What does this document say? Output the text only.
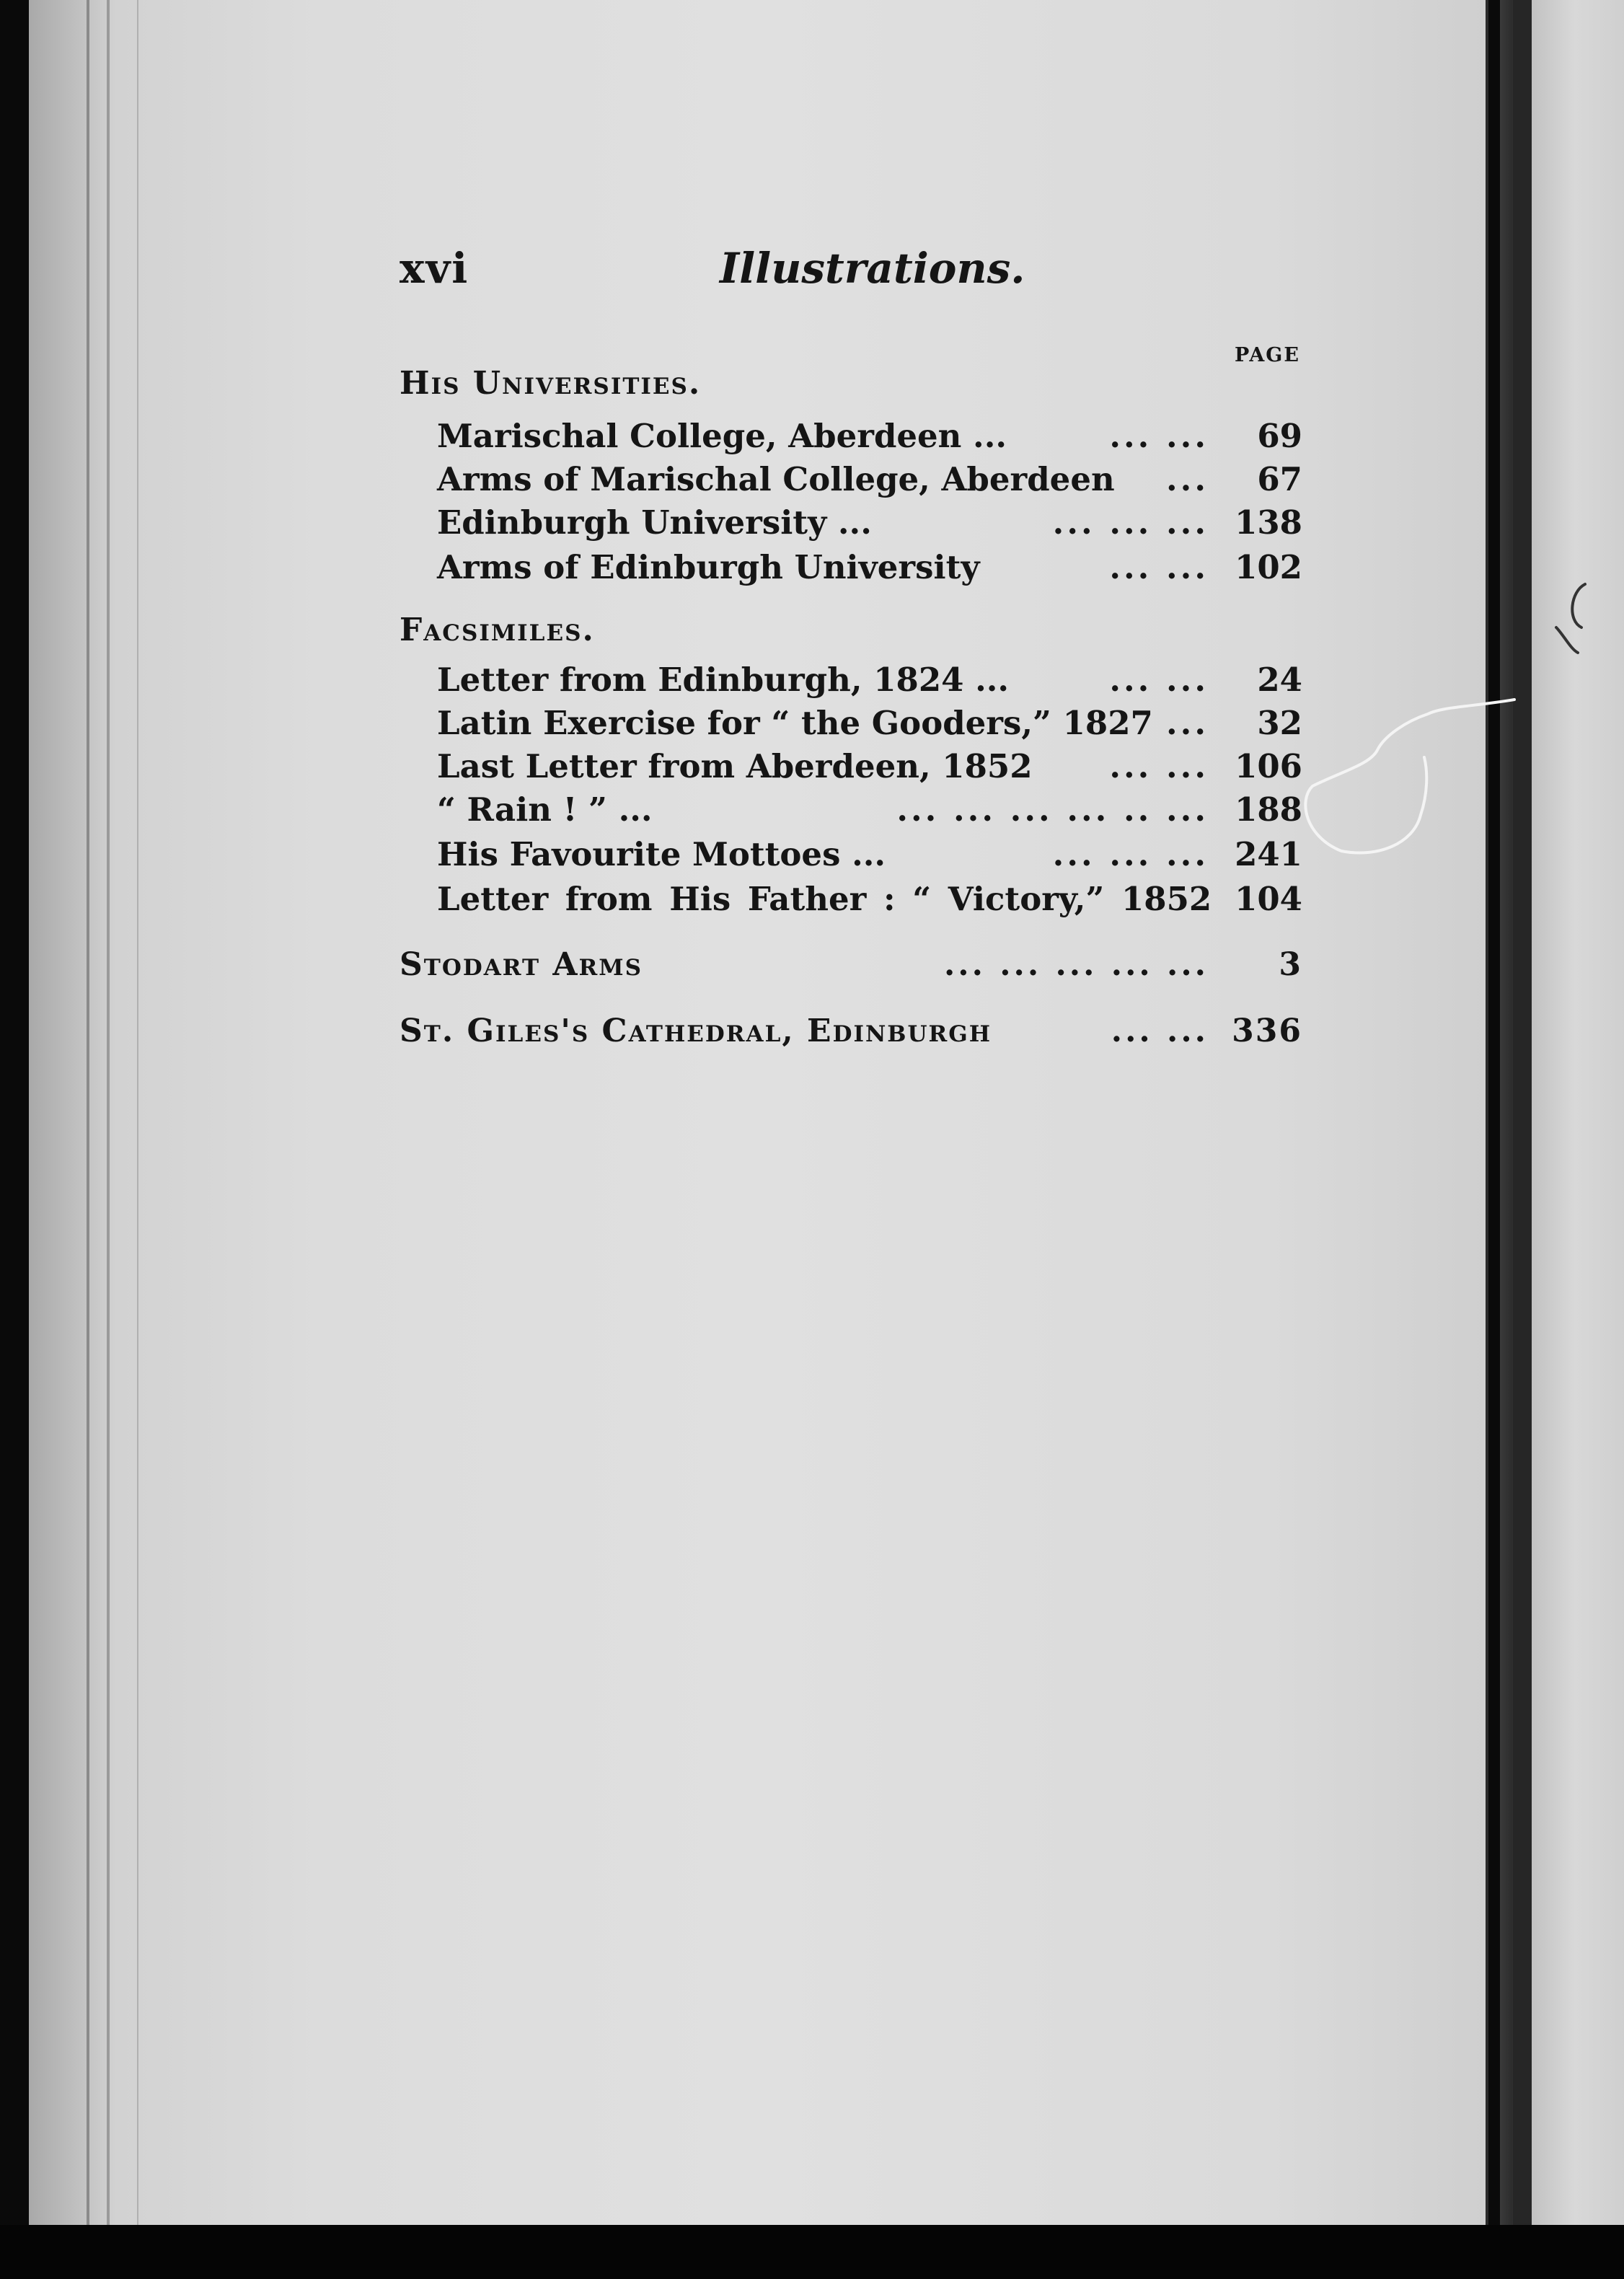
xvi	Illustrations.
PAGE
His Universities.
Marischal College, Aberdeen ...	... ... 69
Arms of Marischal College, Aberdeen ... 67
Edinburgh University ...	... ... ... 138
Arms of Edinburgh University	... ... 102
Facsimiles.
Letter from Edinburgh, 1824 ...	... ... 24
Latin Exercise for “ the Gooders,” 1827 ... 32
Last Letter from Aberdeen, 1852 ... ... 106
“ Rain ! ” ...	... ... ... ... .. ... 188
His Favourite Mottoes ...	... ... ... 241
Letter from His Father : “ Victory,” 1852 104
Stodart Arms	... ... ... ... ... 3
St. Giles's Cathedral, Edinburgh	... ... 336
